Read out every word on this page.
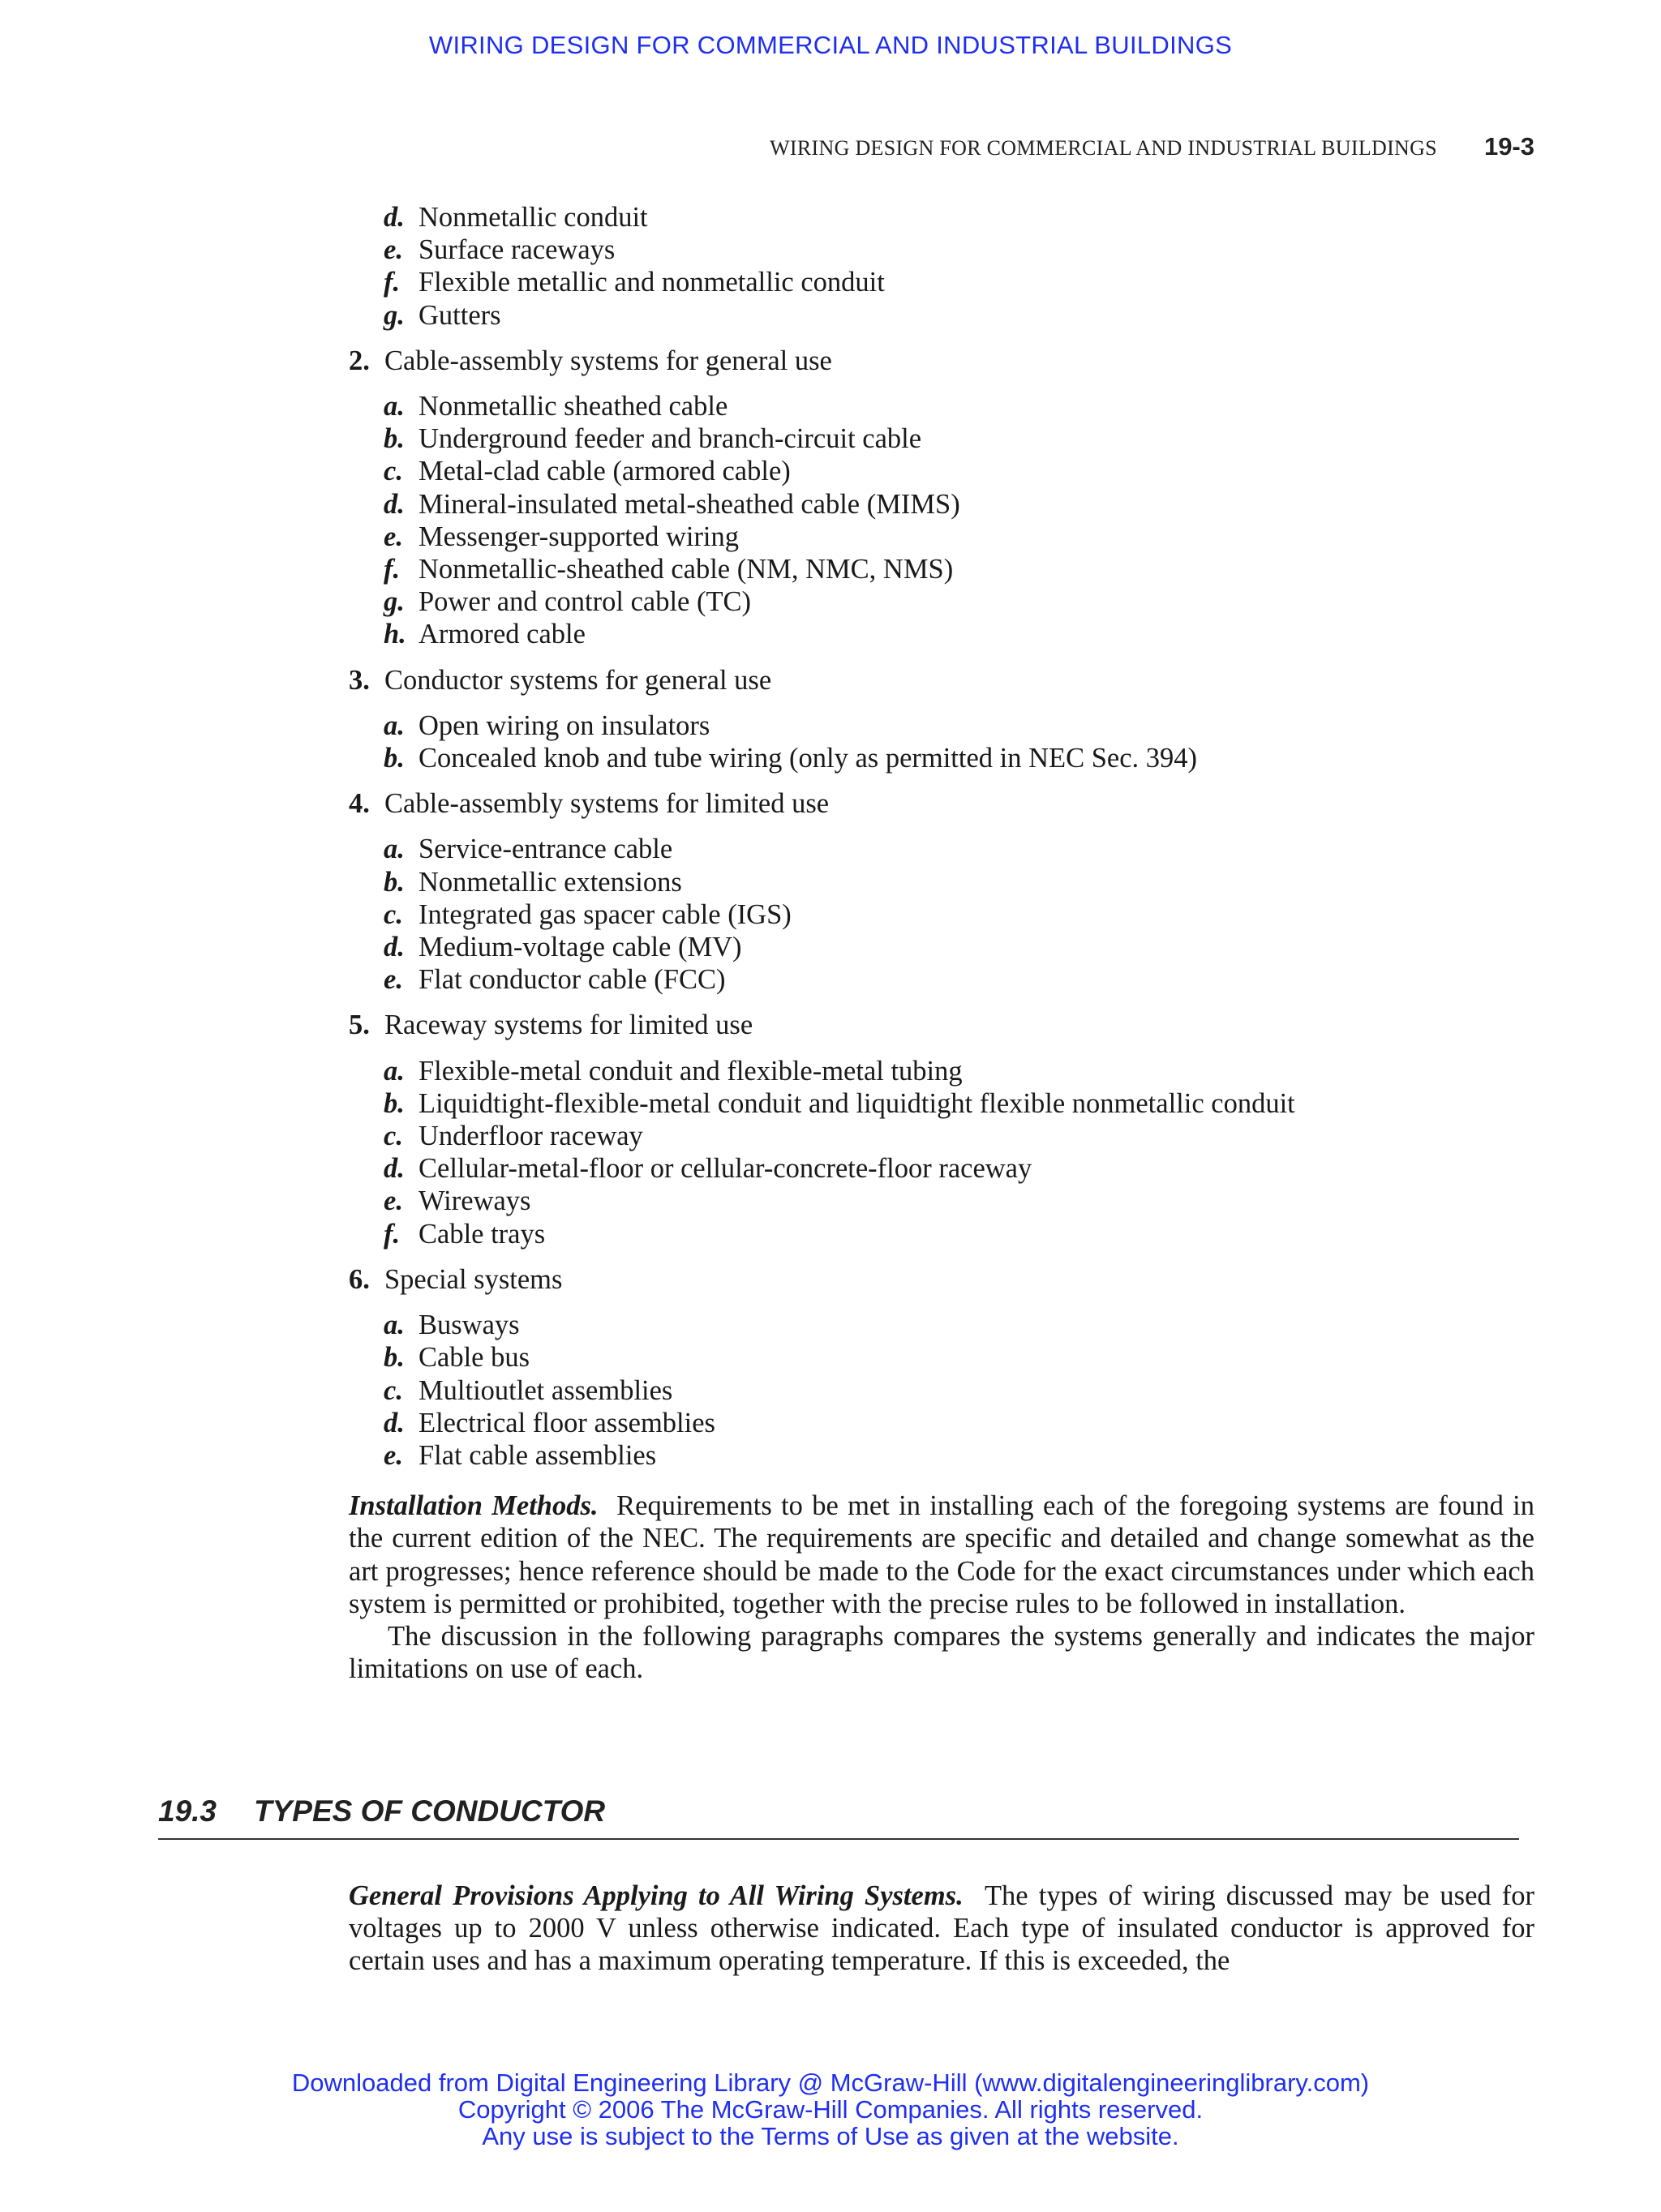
WIRING DESIGN FOR COMMERCIAL AND INDUSTRIAL BUILDINGS
WIRING DESIGN FOR COMMERCIAL AND INDUSTRIAL BUILDINGS 19-3

d. Nonmetallic conduit

e. Surface raceways

f. Flexible metallic and nonmetallic conduit

g. Gutters

2. Cable-assembly systems for general use

a. Nonmetallic sheathed cable

b. Underground feeder and branch-circuit cable

c. Metal-clad cable (armored cable)

d. Mineral-insulated metal-sheathed cable (MIMS)

e. Messenger-supported wiring

f. Nonmetallic-sheathed cable (NM, NMC, NMS)

g. Power and control cable (TC)

h. Armored cable

3. Conductor systems for general use

a. Open wiring on insulators

b. Concealed knob and tube wiring (only as permitted in NEC Sec. 394)

4. Cable-assembly systems for limited use

a. Service-entrance cable

b. Nonmetallic extensions

c. Integrated gas spacer cable (IGS)

d. Medium-voltage cable (MV)

e. Flat conductor cable (FCC)

5. Raceway systems for limited use

a. Flexible-metal conduit and flexible-metal tubing

b. Liquidtight-flexible-metal conduit and liquidtight flexible nonmetallic conduit

c. Underfloor raceway

d. Cellular-metal-floor or cellular-concrete-floor raceway

e. Wireways

f. Cable trays

6. Special systems

a. Busways

b. Cable bus

c. Multioutlet assemblies

d. Electrical floor assemblies

e. Flat cable assemblies

Installation Methods. Requirements to be met in installing each of the foregoing systems are found in the current edition of the NEC. The requirements are specific and detailed and change somewhat as the art progresses; hence reference should be made to the Code for the exact circumstances under which each system is permitted or prohibited, together with the precise rules to be followed in installation.

The discussion in the following paragraphs compares the systems generally and indicates the major limitations on use of each.

19.3 TYPES OF CONDUCTOR

General Provisions Applying to All Wiring Systems. The types of wiring discussed may be used for voltages up to 2000 V unless otherwise indicated. Each type of insulated conductor is approved for certain uses and has a maximum operating temperature. If this is exceeded, the

Downloaded from Digital Engineering Library @ McGraw-Hill (www.digitalengineeringlibrary.com)
Copyright © 2006 The McGraw-Hill Companies. All rights reserved.
Any use is subject to the Terms of Use as given at the website.
